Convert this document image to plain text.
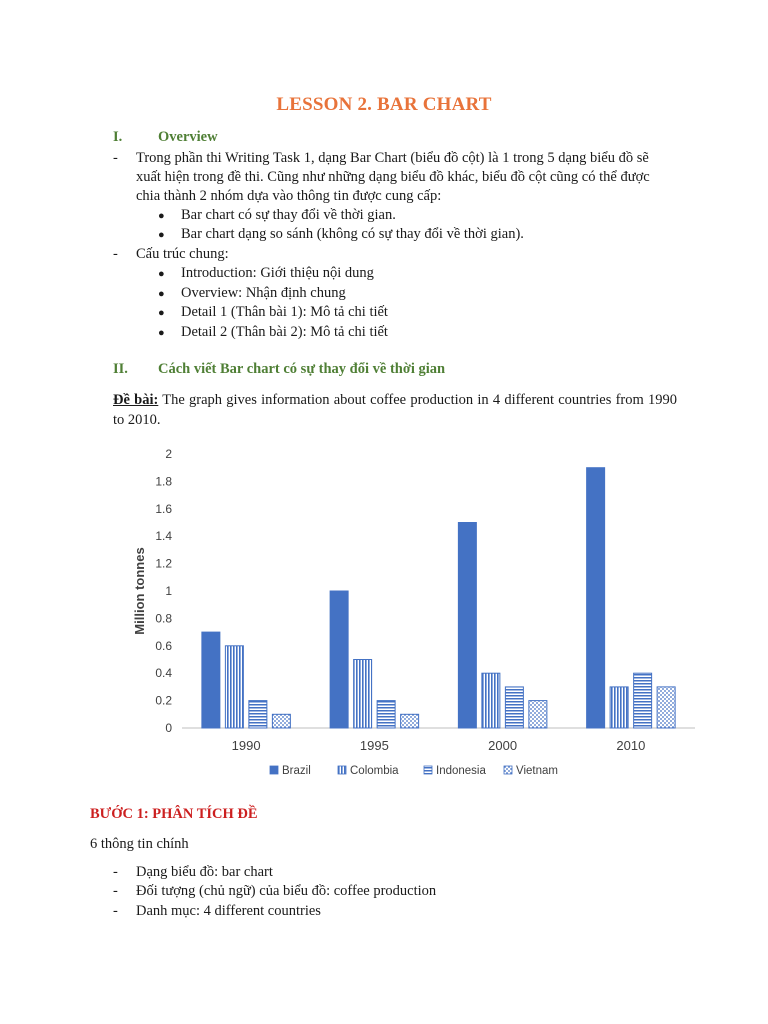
LESSON 2. BAR CHART
I. Overview
- Trong phần thi Writing Task 1, dạng Bar Chart (biểu đồ cột) là 1 trong 5 dạng biểu đồ sẽ
xuất hiện trong đề thi. Cũng như những dạng biểu đồ khác, biểu đồ cột cũng có thể được
chia thành 2 nhóm dựa vào thông tin được cung cấp:
● Bar chart có sự thay đổi về thời gian.
● Bar chart dạng so sánh (không có sự thay đổi về thời gian).
- Cấu trúc chung:
● Introduction: Giới thiệu nội dung
● Overview: Nhận định chung
● Detail 1 (Thân bài 1): Mô tả chi tiết
● Detail 2 (Thân bài 2): Mô tả chi tiết
II. Cách viết Bar chart có sự thay đổi về thời gian
Đề bài: The graph gives information about coffee production in 4 different countries from 1990 to 2010.
0
0.2
0.4
0.6
0.8
1
1.2
1.4
1.6
1.8
2
Million tonnes
1990	1995	2000	2010
Brazil	Colombia	Indonesia	Vietnam
BƯỚC 1: PHÂN TÍCH ĐỀ
6 thông tin chính
- Dạng biểu đồ: bar chart
- Đối tượng (chủ ngữ) của biểu đồ: coffee production
- Danh mục: 4 different countries
